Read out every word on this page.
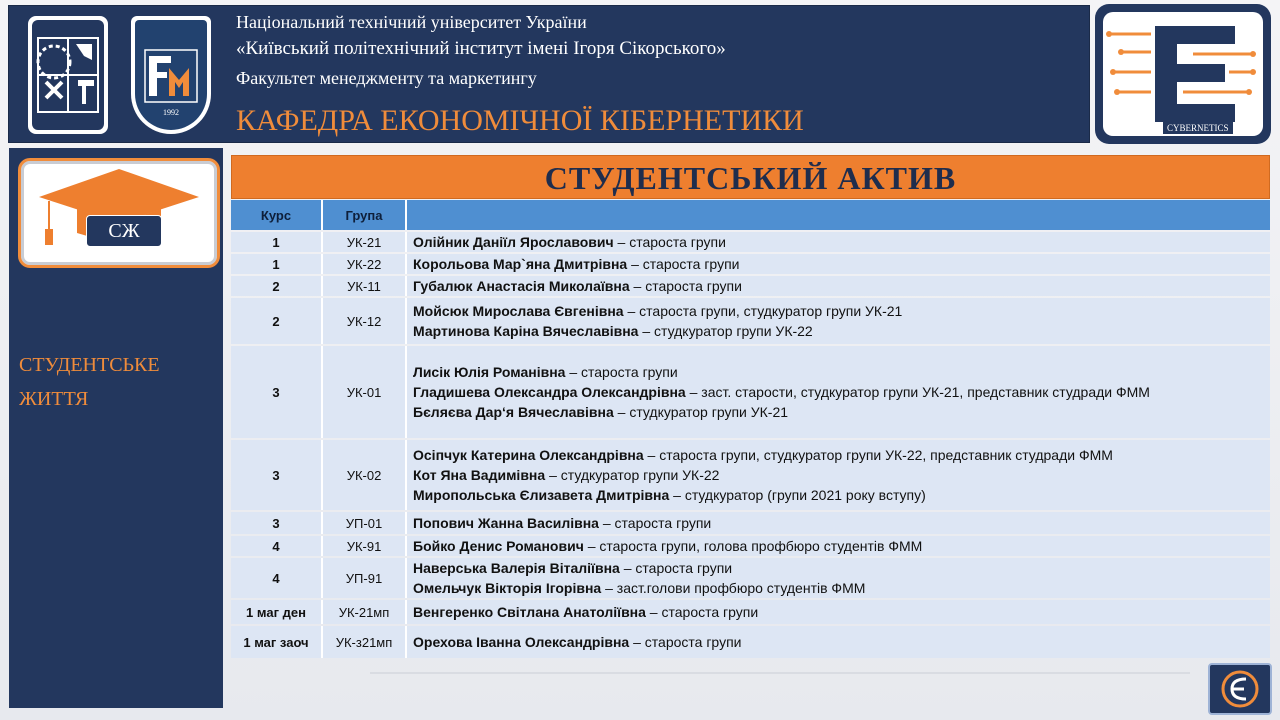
1992
Національний технічний університет України
«Київський політехнічний інститут імені Ігоря Сікорського»
Факультет менеджменту та маркетингу
КАФЕДРА ЕКОНОМІЧНОЇ КІБЕРНЕТИКИ	CYBERNETICS
СЖ
СТУДЕНТСЬКЕ
ЖИТТЯ
СТУДЕНТСЬКИЙ АКТИВ
Курс	Група	
1	УК-21	Олійник Даніїл Ярославович – староста групи

1	УК-22	Корольова Мар`яна Дмитрівна – староста групи

2	УК-11	Губалюк Анастасія Миколаївна – староста групи

2	УК-12	Мойсюк Мирослава Євгенівна – староста групи, студкуратор групи УК-21
Мартинова Каріна Вячеславівна – студкуратор групи УК-22

3	УК-01	Лисік Юлія Романівна – староста групи
Гладишева Олександра Олександрівна – заст. старости, студкуратор групи УК-21, представник студради ФММ
Бєляєва Дар‘я Вячеславівна – студкуратор групи УК-21

3	УК-02	Осіпчук Катерина Олександрівна – староста групи, студкуратор групи УК-22, представник студради ФММ
Кот Яна Вадимівна – студкуратор групи УК-22
Миропольська Єлизавета Дмитрівна – студкуратор (групи 2021 року вступу)

3	УП-01	Попович Жанна Василівна – староста групи

4	УК-91	Бойко Денис Романович – староста групи, голова профбюро студентів ФММ

4	УП-91	Наверська Валерія Віталіївна – староста групи
Омельчук Вікторія Ігорівна – заст.голови профбюро студентів ФММ

1 маг ден	УК-21мп	Венгеренко Світлана Анатоліївна – староста групи

1 маг заоч	УК-з21мп	Орехова Іванна Олександрівна – староста групи
